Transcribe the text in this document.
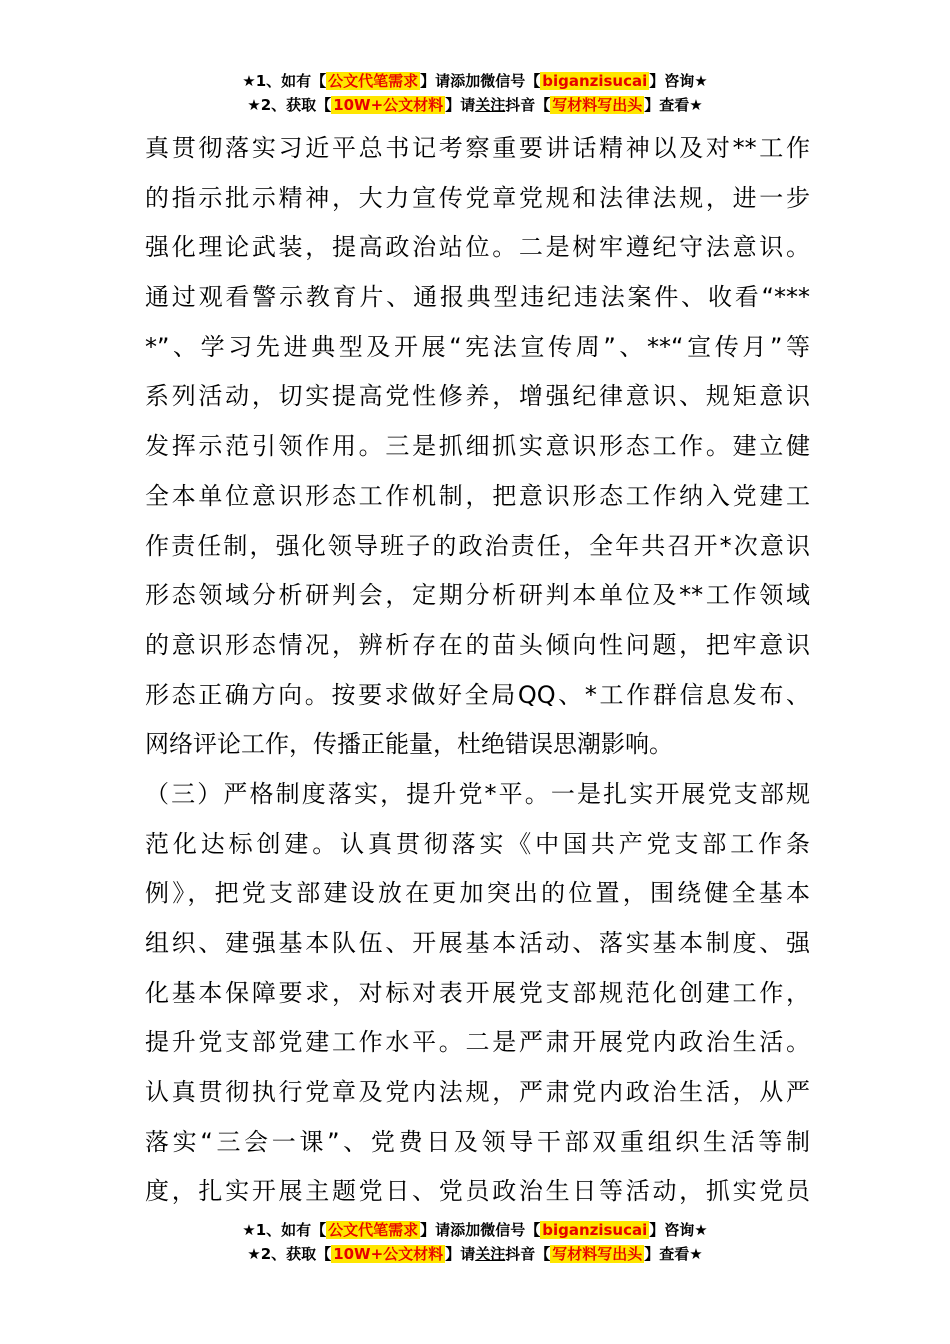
★1、如有【 公文代笔需求 】请添加微信号【 biganzisucai 】咨询★
★2、获取【 10W+公文材料 】请关注抖音【 写材料写出头 】查看★
真贯彻落实习近平总书记考察重要讲话精神以及对**工作
的指示批示精神，大力宣传党章党规和法律法规，进一步
强化理论武装，提高政治站位。二是树牢遵纪守法意识。
通过观看警示教育片、通报典型违纪违法案件、收看“***
*”、学习先进典型及开展“宪法宣传周”、**“宣传月”等
系列活动，切实提高党性修养，增强纪律意识、规矩意识
发挥示范引领作用。三是抓细抓实意识形态工作。建立健
全本单位意识形态工作机制，把意识形态工作纳入党建工
作责任制，强化领导班子的政治责任，全年共召开*次意识
形态领域分析研判会，定期分析研判本单位及**工作领域
的意识形态情况，辨析存在的苗头倾向性问题，把牢意识
形态正确方向。按要求做好全局QQ、*工作群信息发布、
网络评论工作，传播正能量，杜绝错误思潮影响。
（三）严格制度落实，提升党*平。一是扎实开展党支部规
范化达标创建。认真贯彻落实《中国共产党支部工作条
例》，把党支部建设放在更加突出的位置，围绕健全基本
组织、建强基本队伍、开展基本活动、落实基本制度、强
化基本保障要求，对标对表开展党支部规范化创建工作，
提升党支部党建工作水平。二是严肃开展党内政治生活。
认真贯彻执行党章及党内法规，严肃党内政治生活，从严
落实“三会一课”、党费日及领导干部双重组织生活等制
度，扎实开展主题党日、党员政治生日等活动，抓实党员
★1、如有【 公文代笔需求 】请添加微信号【 biganzisucai 】咨询★
★2、获取【 10W+公文材料 】请关注抖音【 写材料写出头 】查看★
